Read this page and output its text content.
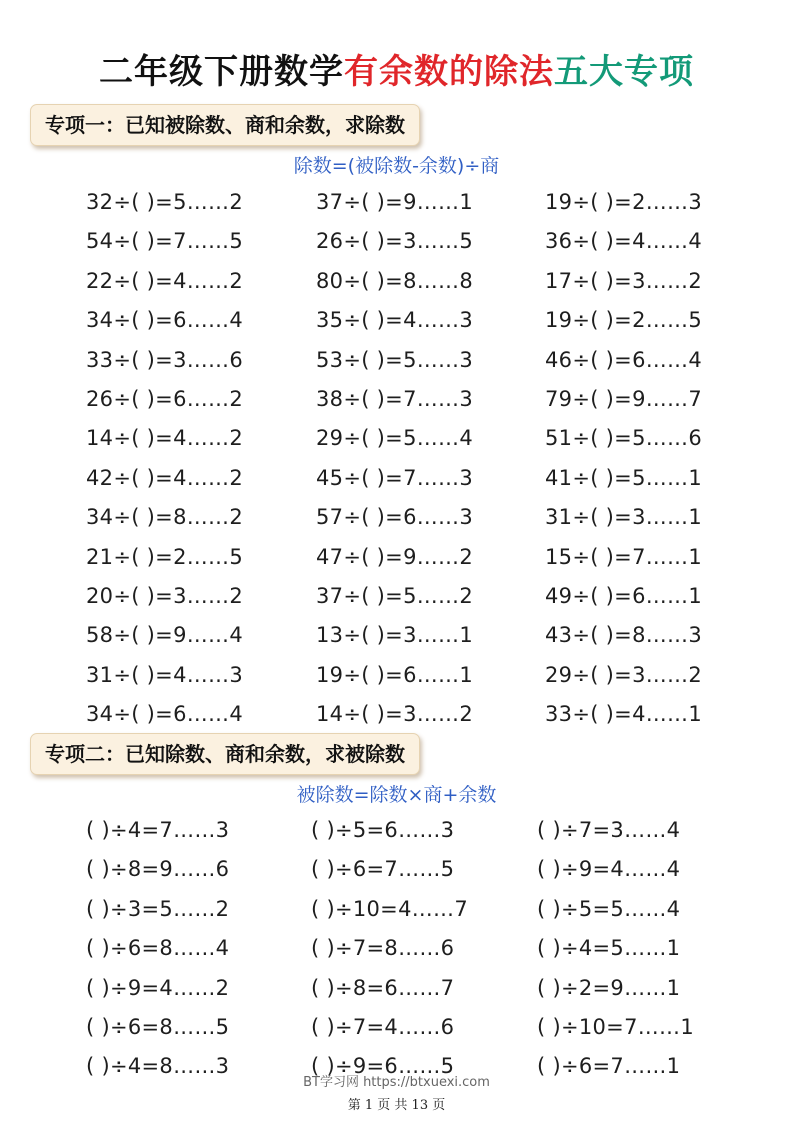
二年级下册数学有余数的除法五大专项
专项一：已知被除数、商和余数，求除数
除数=(被除数-余数)÷商
32÷( )=5……2	37÷( )=9……1	19÷( )=2……3
54÷( )=7……5	26÷( )=3……5	36÷( )=4……4
22÷( )=4……2	80÷( )=8……8	17÷( )=3……2
34÷( )=6……4	35÷( )=4……3	19÷( )=2……5
33÷( )=3……6	53÷( )=5……3	46÷( )=6……4
26÷( )=6……2	38÷( )=7……3	79÷( )=9……7
14÷( )=4……2	29÷( )=5……4	51÷( )=5……6
42÷( )=4……2	45÷( )=7……3	41÷( )=5……1
34÷( )=8……2	57÷( )=6……3	31÷( )=3……1
21÷( )=2……5	47÷( )=9……2	15÷( )=7……1
20÷( )=3……2	37÷( )=5……2	49÷( )=6……1
58÷( )=9……4	13÷( )=3……1	43÷( )=8……3
31÷( )=4……3	19÷( )=6……1	29÷( )=3……2
34÷( )=6……4	14÷( )=3……2	33÷( )=4……1
专项二：已知除数、商和余数，求被除数
被除数=除数×商+余数
( )÷4=7……3	( )÷5=6……3	( )÷7=3……4
( )÷8=9……6	( )÷6=7……5	( )÷9=4……4
( )÷3=5……2	( )÷10=4……7	( )÷5=5……4
( )÷6=8……4	( )÷7=8……6	( )÷4=5……1
( )÷9=4……2	( )÷8=6……7	( )÷2=9……1
( )÷6=8……5	( )÷7=4……6	( )÷10=7……1
( )÷4=8……3	( )÷9=6……5	( )÷6=7……1
BT学习网 https://btxuexi.com
第 1 页 共 13 页
